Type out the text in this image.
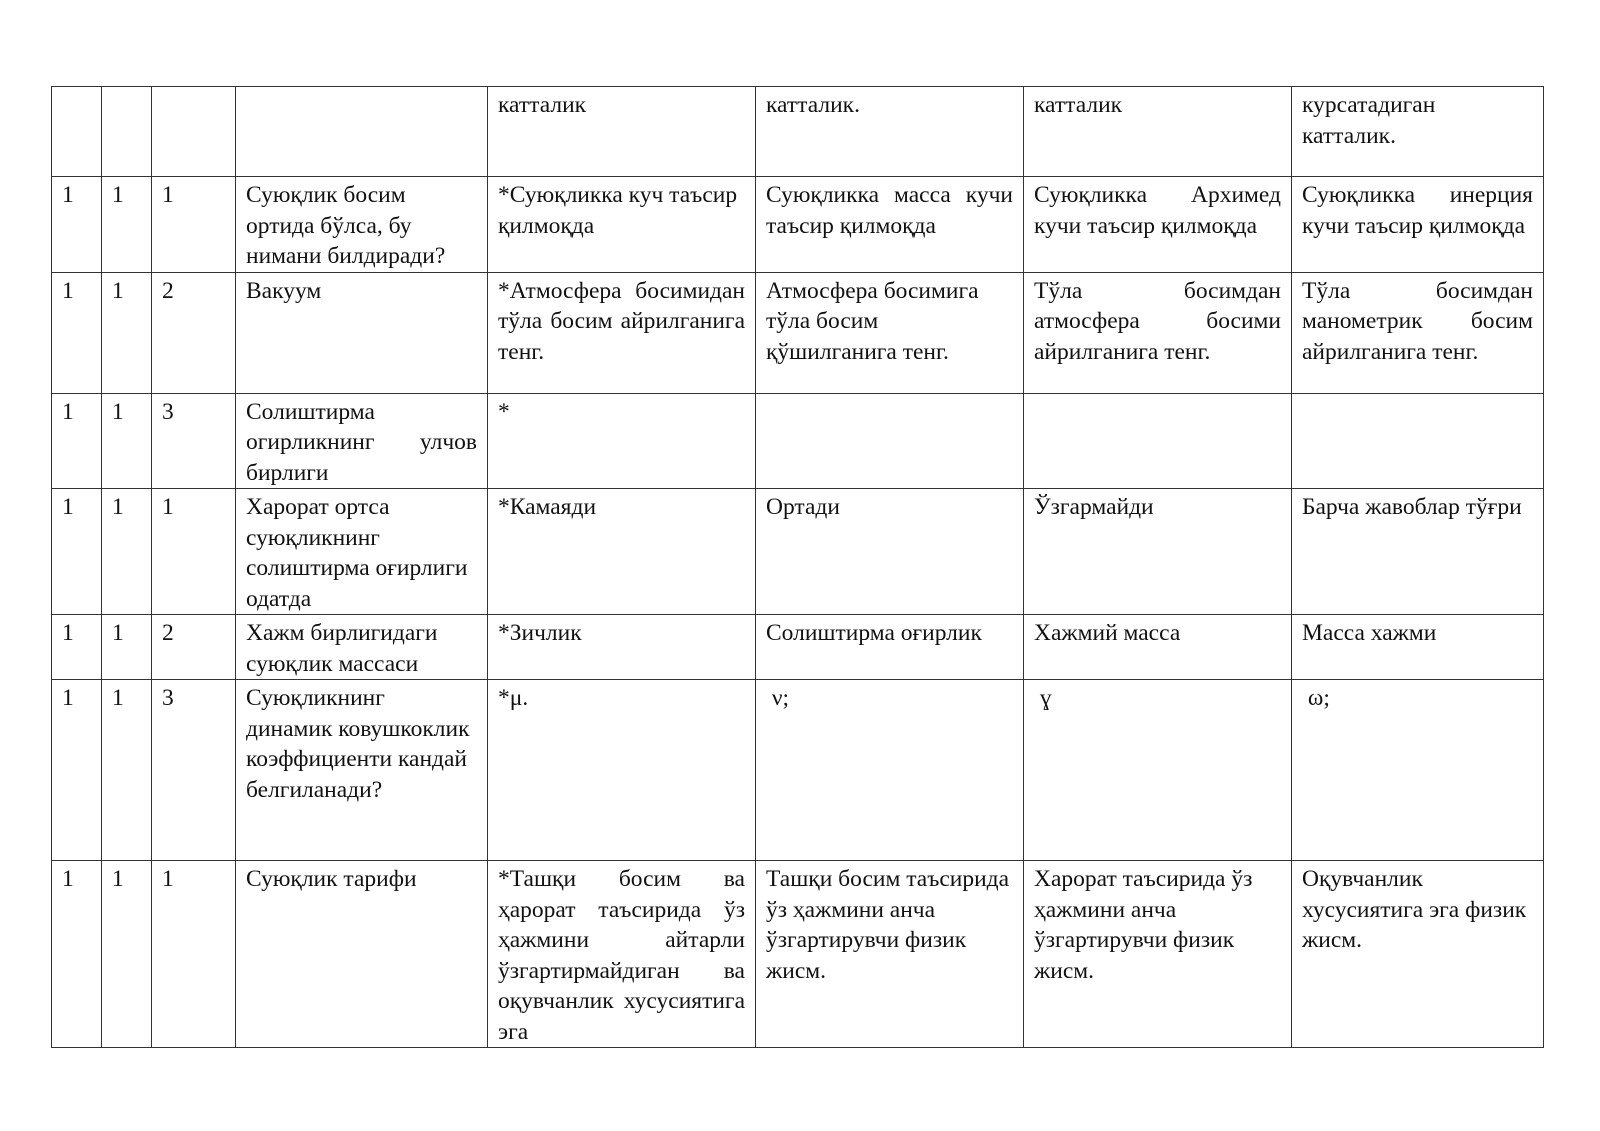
				катталик	катталик.	катталик	курсатадиган катталик.
1	1	1	Суюқлик босим ортида бўлса, бу нимани билдиради?	*Суюқликка куч таъсир қилмоқда	Суюқликка масса кучи таъсир қилмоқда	Суюқликка Архимед кучи таъсир қилмоқда	Суюқликка инерция кучи таъсир қилмоқда
1	1	2	Вакуум	*Атмосфера босимидан тўла босим айрилганига тенг.	Атмосфера босимига тўла босим қўшилганига тенг.	Тўла босимдан атмосфера босими айрилганига тенг.	Тўла босимдан манометрик босим айрилганига тенг.
1	1	3	Солиштирма огирликнинг улчов бирлиги	*			
1	1	1	Харорат ортса суюқликнинг солиштирма оғирлиги одатда	*Камаяди	Ортади	Ўзгармайди	Барча жавоблар тўғри
1	1	2	Хажм бирлигидаги суюқлик массаси	*Зичлик	Солиштирма оғирлик	Хажмий масса	Масса хажми
1	1	3	Суюқликнинг динамик ковушкоклик коэффициенти кандай белгиланади?	*μ.	ν;	ɣ	ω;
1	1	1	Суюқлик тарифи	*Ташқи босим ва ҳарорат таъсирида ўз ҳажмини айтарли ўзгартирмайдиган ва оқувчанлик хусусиятига эга	Ташқи босим таъсирида ўз ҳажмини анча ўзгартирувчи физик жисм.	Харорат таъсирида ўз ҳажмини анча ўзгартирувчи физик жисм.	Оқувчанлик хусусиятига эга физик жисм.
